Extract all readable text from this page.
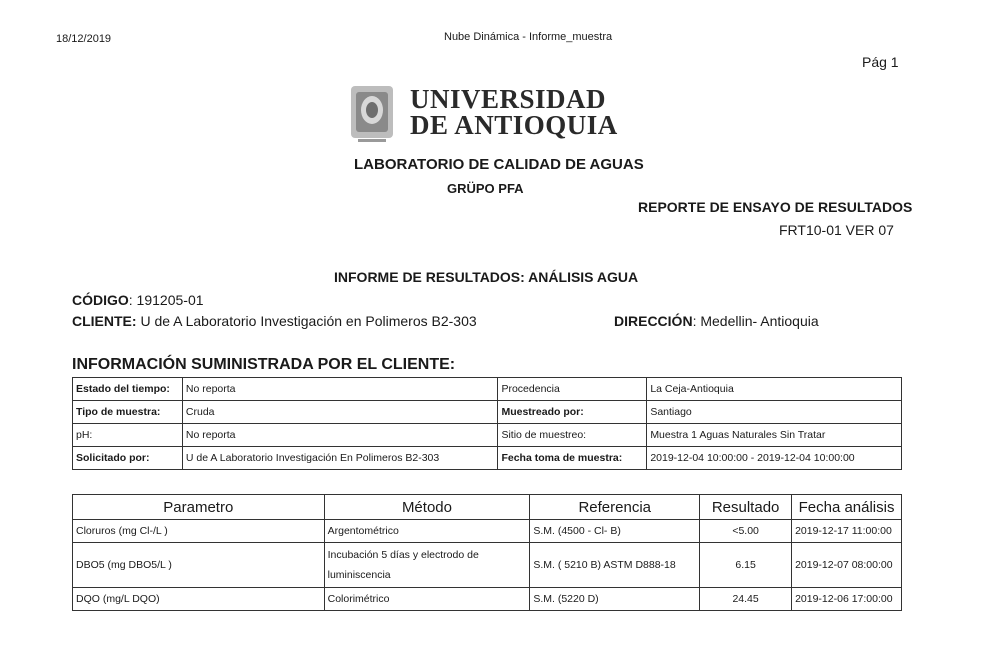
18/12/2019	Nube Dinámica - Informe_muestra
Pág 1
UNIVERSIDAD
DE ANTIOQUIA
LABORATORIO DE CALIDAD DE AGUAS
GRÜPO PFA
REPORTE DE ENSAYO DE RESULTADOS
FRT10-01 VER 07
INFORME DE RESULTADOS: ANÁLISIS AGUA
CÓDIGO: 191205-01
CLIENTE: U de A Laboratorio Investigación en Polimeros B2-303	DIRECCIÓN: Medellin- Antioquia
INFORMACIÓN SUMINISTRADA POR EL CLIENTE:
Estado del tiempo:	No reporta	Procedencia	La Ceja-Antioquia
Tipo de muestra:	Cruda	Muestreado por:	Santiago
pH:	No reporta	Sitio de muestreo:	Muestra 1 Aguas Naturales Sin Tratar
Solicitado por:	U de A Laboratorio Investigación En Polimeros B2-303	Fecha toma de muestra:	2019-12-04 10:00:00 - 2019-12-04 10:00:00
Parametro	Método	Referencia	Resultado	Fecha análisis
Cloruros (mg Cl-/L )	Argentométrico	S.M. (4500 - Cl- B)	<5.00	2019-12-17 11:00:00
DBO5 (mg DBO5/L )	Incubación 5 días y electrodo de luminiscencia	S.M. ( 5210 B) ASTM D888-18	6.15	2019-12-07 08:00:00
DQO (mg/L DQO)	Colorimétrico	S.M. (5220 D)	24.45	2019-12-06 17:00:00
